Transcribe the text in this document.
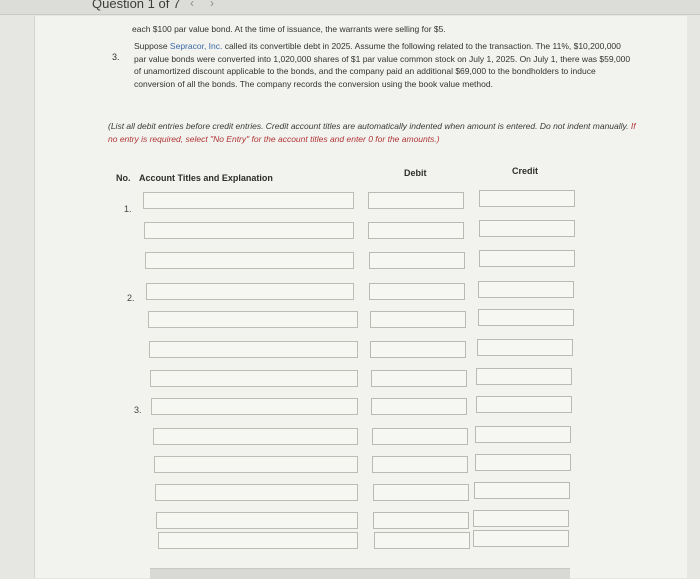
Question 1 of 7 ‹ ›
each $100 par value bond. At the time of issuance, the warrants were selling for $5.
3.
Suppose Sepracor, Inc. called its convertible debt in 2025. Assume the following related to the transaction. The 11%, $10,200,000 par value bonds were converted into 1,020,000 shares of $1 par value common stock on July 1, 2025. On July 1, there was $59,000 of unamortized discount applicable to the bonds, and the company paid an additional $69,000 to the bondholders to induce conversion of all the bonds. The company records the conversion using the book value method.
(List all debit entries before credit entries. Credit account titles are automatically indented when amount is entered. Do not indent manually. If no entry is required, select "No Entry" for the account titles and enter 0 for the amounts.)
No. Account Titles and Explanation	Debit	Credit
1.
2.
3.
